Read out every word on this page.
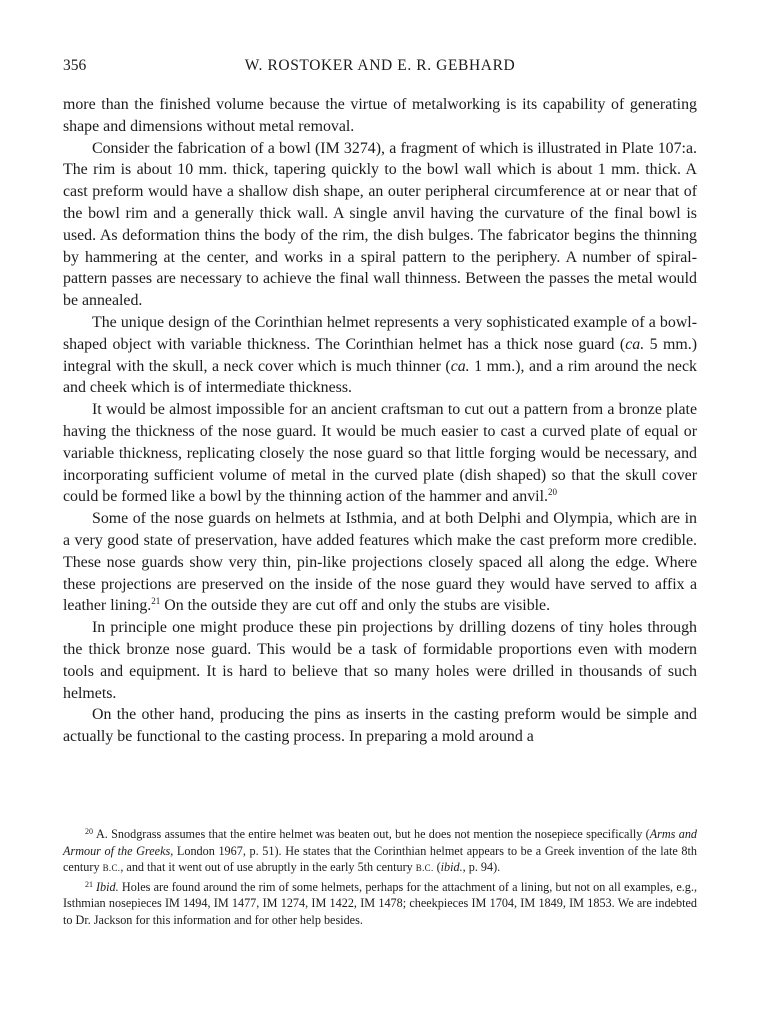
356	W. ROSTOKER AND E. R. GEBHARD

more than the finished volume because the virtue of metalworking is its capability of generating shape and dimensions without metal removal.

Consider the fabrication of a bowl (IM 3274), a fragment of which is illustrated in Plate 107:a. The rim is about 10 mm. thick, tapering quickly to the bowl wall which is about 1 mm. thick. A cast preform would have a shallow dish shape, an outer peripheral circumference at or near that of the bowl rim and a generally thick wall. A single anvil having the curvature of the final bowl is used. As deformation thins the body of the rim, the dish bulges. The fabricator begins the thinning by hammering at the center, and works in a spiral pattern to the periphery. A number of spiral-pattern passes are necessary to achieve the final wall thinness. Between the passes the metal would be annealed.

The unique design of the Corinthian helmet represents a very sophisticated example of a bowl-shaped object with variable thickness. The Corinthian helmet has a thick nose guard (ca. 5 mm.) integral with the skull, a neck cover which is much thinner (ca. 1 mm.), and a rim around the neck and cheek which is of intermediate thickness.

It would be almost impossible for an ancient craftsman to cut out a pattern from a bronze plate having the thickness of the nose guard. It would be much easier to cast a curved plate of equal or variable thickness, replicating closely the nose guard so that little forging would be necessary, and incorporating sufficient volume of metal in the curved plate (dish shaped) so that the skull cover could be formed like a bowl by the thinning action of the hammer and anvil.$^{20}$

Some of the nose guards on helmets at Isthmia, and at both Delphi and Olympia, which are in a very good state of preservation, have added features which make the cast preform more credible. These nose guards show very thin, pin-like projections closely spaced all along the edge. Where these projections are preserved on the inside of the nose guard they would have served to affix a leather lining.$^{21}$ On the outside they are cut off and only the stubs are visible.

In principle one might produce these pin projections by drilling dozens of tiny holes through the thick bronze nose guard. This would be a task of formidable proportions even with modern tools and equipment. It is hard to believe that so many holes were drilled in thousands of such helmets.

On the other hand, producing the pins as inserts in the casting preform would be simple and actually be functional to the casting process. In preparing a mold around a

$^{20}$ A. Snodgrass assumes that the entire helmet was beaten out, but he does not mention the nosepiece specifically (Arms and Armour of the Greeks, London 1967, p. 51). He states that the Corinthian helmet appears to be a Greek invention of the late 8th century B.C., and that it went out of use abruptly in the early 5th century B.C. (ibid., p. 94).

$^{21}$ Ibid. Holes are found around the rim of some helmets, perhaps for the attachment of a lining, but not on all examples, e.g., Isthmian nosepieces IM 1494, IM 1477, IM 1274, IM 1422, IM 1478; cheekpieces IM 1704, IM 1849, IM 1853. We are indebted to Dr. Jackson for this information and for other help besides.
